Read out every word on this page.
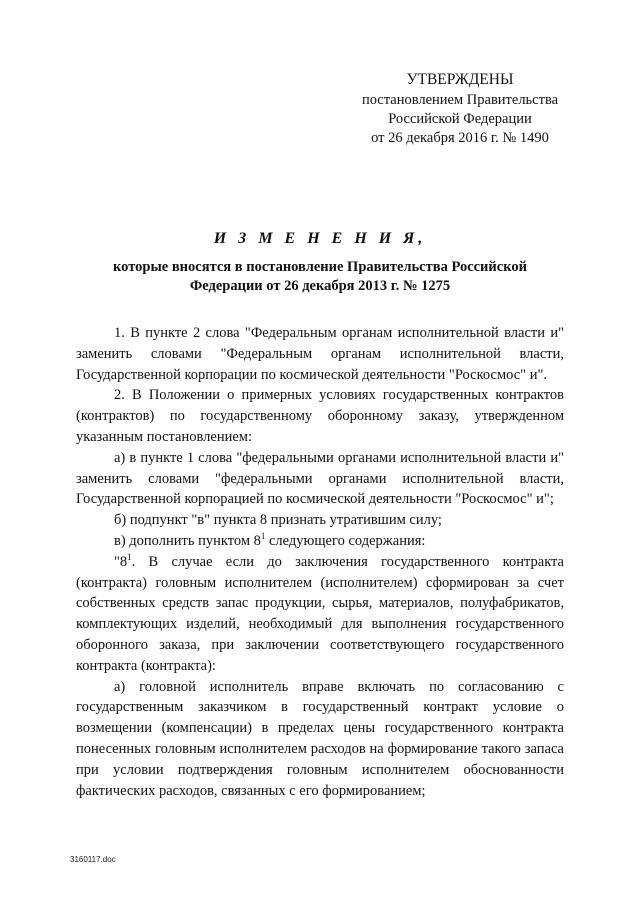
УТВЕРЖДЕНЫ
постановлением Правительства
Российской Федерации
от 26 декабря 2016 г. № 1490
И З М Е Н Е Н И Я,
которые вносятся в постановление Правительства Российской
Федерации от 26 декабря 2013 г. № 1275

1. В пункте 2 слова "Федеральным органам исполнительной власти и" заменить словами "Федеральным органам исполнительной власти, Государственной корпорации по космической деятельности "Роскосмос" и".

2. В Положении о примерных условиях государственных контрактов (контрактов) по государственному оборонному заказу, утвержденном указанным постановлением:

а) в пункте 1 слова "федеральными органами исполнительной власти и" заменить словами "федеральными органами исполнительной власти, Государственной корпорацией по космической деятельности "Роскосмос" и";

б) подпункт "в" пункта 8 признать утратившим силу;

в) дополнить пунктом $8^1$ следующего содержания:

"$8^1$. В случае если до заключения государственного контракта (контракта) головным исполнителем (исполнителем) сформирован за счет собственных средств запас продукции, сырья, материалов, полуфабрикатов, комплектующих изделий, необходимый для выполнения государственного оборонного заказа, при заключении соответствующего государственного контракта (контракта):

а) головной исполнитель вправе включать по согласованию с государственным заказчиком в государственный контракт условие о возмещении (компенсации) в пределах цены государственного контракта понесенных головным исполнителем расходов на формирование такого запаса при условии подтверждения головным исполнителем обоснованности фактических расходов, связанных с его формированием;

3160117.doc
